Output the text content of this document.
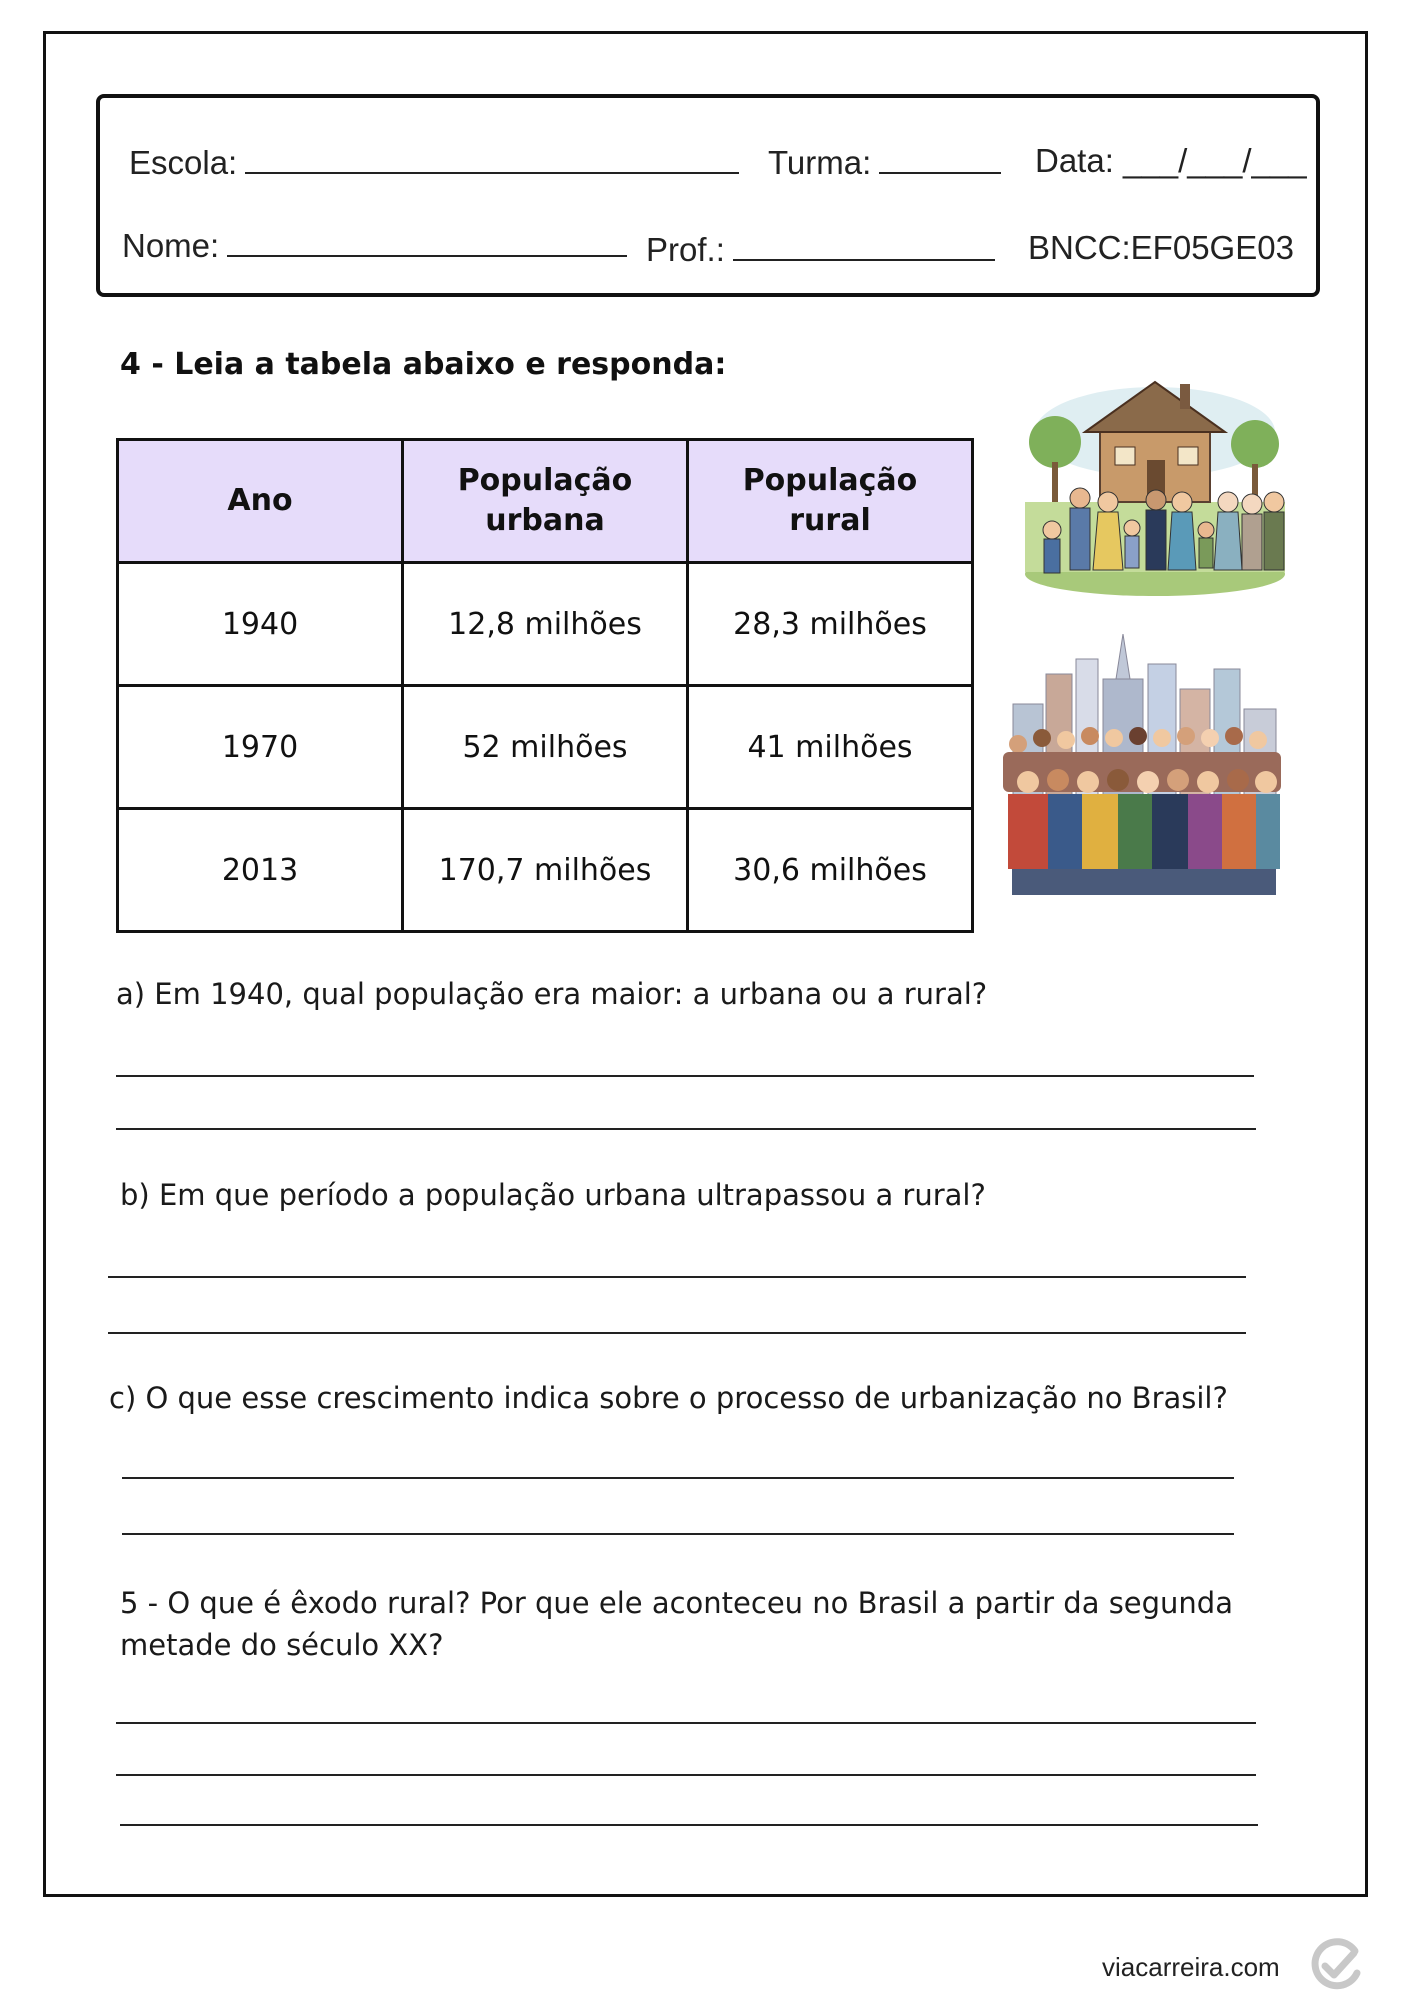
Escola:	Turma:	Data: ___/___/___
Nome:	Prof.:	BNCC:EF05GE03
4 - Leia a tabela abaixo e responda:
Ano	População urbana	População rural

1940	12,8 milhões	28,3 milhões
1970	52 milhões	41 milhões
2013	170,7 milhões	30,6 milhões
a) Em 1940, qual população era maior: a urbana ou a rural?
b) Em que período a população urbana ultrapassou a rural?
c) O que esse crescimento indica sobre o processo de urbanização no Brasil?
5 - O que é êxodo rural? Por que ele aconteceu no Brasil a partir da segunda
metade do século XX?
viacarreira.com
